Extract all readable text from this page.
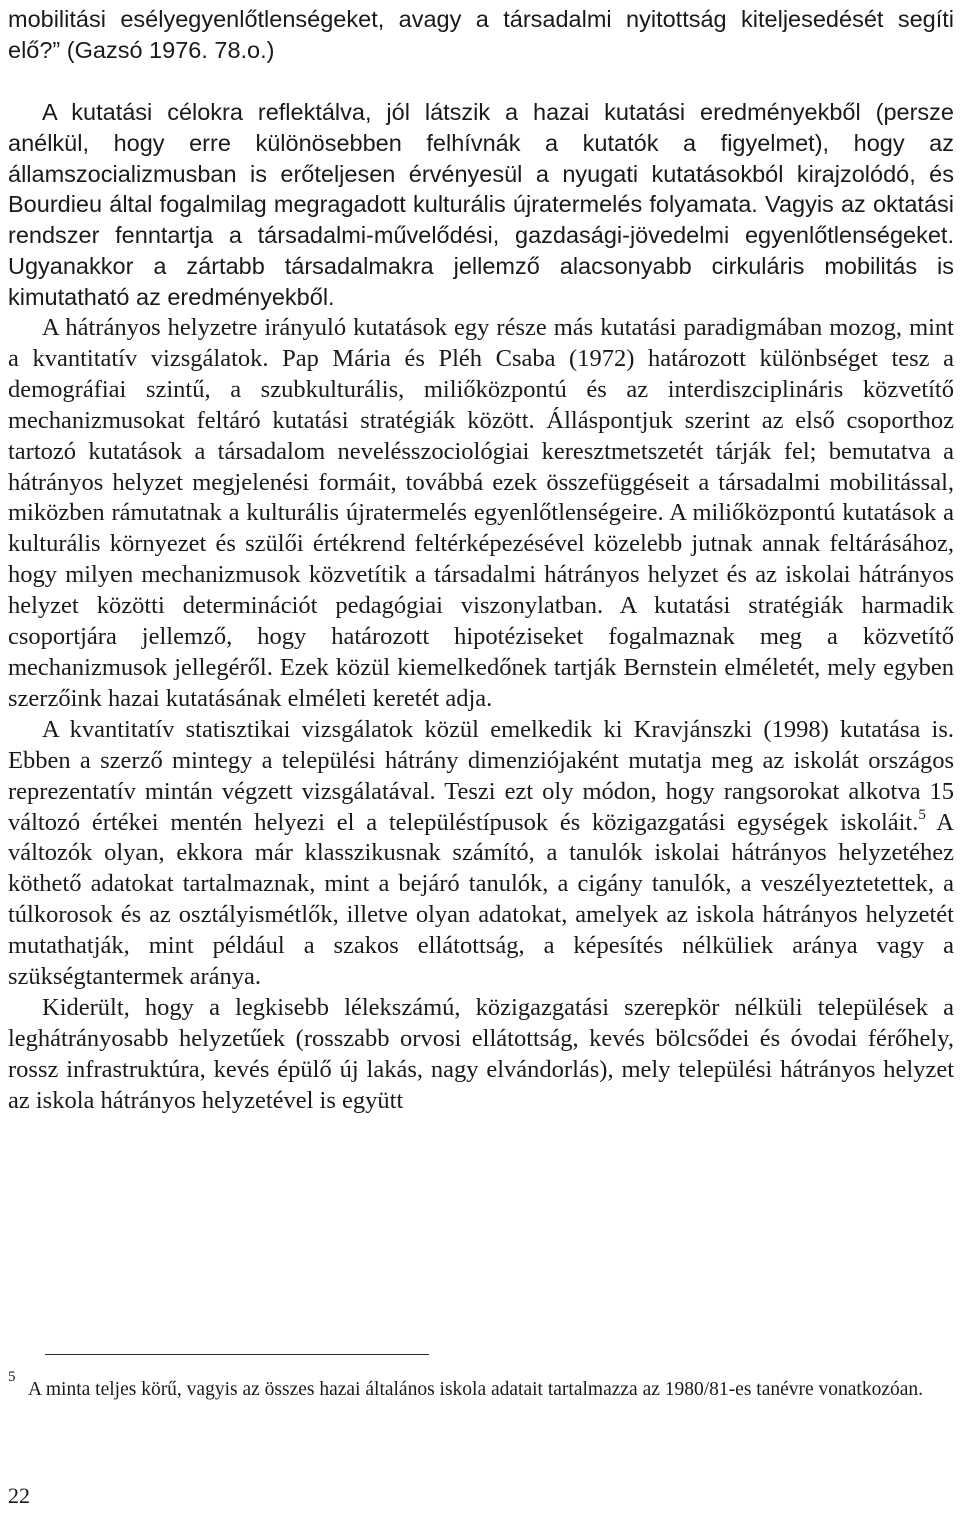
mobilitási esélyegyenlőtlenségeket, avagy a társadalmi nyitottság kiteljesedését segíti elő?” (Gazsó 1976. 78.o.)

A kutatási célokra reflektálva, jól látszik a hazai kutatási eredményekből (persze anélkül, hogy erre különösebben felhívnák a kutatók a figyelmet), hogy az államszocializmusban is erőteljesen érvényesül a nyugati kutatásokból kirajzolódó, és Bourdieu által fogalmilag megragadott kulturális újratermelés folyamata. Vagyis az oktatási rendszer fenntartja a társadalmi-művelődési, gazdasági-jövedelmi egyenlőtlenségeket. Ugyanakkor a zártabb társadalmakra jellemző alacsonyabb cirkuláris mobilitás is kimutatható az eredményekből.

A hátrányos helyzetre irányuló kutatások egy része más kutatási paradigmában mozog, mint a kvantitatív vizsgálatok. Pap Mária és Pléh Csaba (1972) határozott különbséget tesz a demográfiai szintű, a szubkulturális, miliőközpontú és az interdiszciplináris közvetítő mechanizmusokat feltáró kutatási stratégiák között. Álláspontjuk szerint az első csoporthoz tartozó kutatások a társadalom nevelésszociológiai keresztmetszetét tárják fel; bemutatva a hátrányos helyzet megjelenési formáit, továbbá ezek összefüggéseit a társadalmi mobilitással, miközben rámutatnak a kulturális újratermelés egyenlőtlenségeire. A miliőközpontú kutatások a kulturális környezet és szülői értékrend feltérképezésével közelebb jutnak annak feltárásához, hogy milyen mechanizmusok közvetítik a társadalmi hátrányos helyzet és az iskolai hátrányos helyzet közötti determinációt pedagógiai viszonylatban. A kutatási stratégiák harmadik csoportjára jellemző, hogy határozott hipotéziseket fogalmaznak meg a közvetítő mechanizmusok jellegéről. Ezek közül kiemelkedőnek tartják Bernstein elméletét, mely egyben szerzőink hazai kutatásának elméleti keretét adja.

A kvantitatív statisztikai vizsgálatok közül emelkedik ki Kravjánszki (1998) kutatása is. Ebben a szerző mintegy a települési hátrány dimenziójaként mutatja meg az iskolát országos reprezentatív mintán végzett vizsgálatával. Teszi ezt oly módon, hogy rangsorokat alkotva 15 változó értékei mentén helyezi el a településtípusok és közigazgatási egységek iskoláit.$^5$ A változók olyan, ekkora már klasszikusnak számító, a tanulók iskolai hátrányos helyzetéhez köthető adatokat tartalmaznak, mint a bejáró tanulók, a cigány tanulók, a veszélyeztetettek, a túlkorosok és az osztályismétlők, illetve olyan adatokat, amelyek az iskola hátrányos helyzetét mutathatják, mint például a szakos ellátottság, a képesítés nélküliek aránya vagy a szükségtantermek aránya.

Kiderült, hogy a legkisebb lélekszámú, közigazgatási szerepkör nélküli települések a leghátrányosabb helyzetűek (rosszabb orvosi ellátottság, kevés bölcsődei és óvodai férőhely, rossz infrastruktúra, kevés épülő új lakás, nagy elvándorlás), mely települési hátrányos helyzet az iskola hátrányos helyzetével is együtt

5

A minta teljes körű, vagyis az összes hazai általános iskola adatait tartalmazza az 1980/81-es tanévre vonatkozóan.

22
